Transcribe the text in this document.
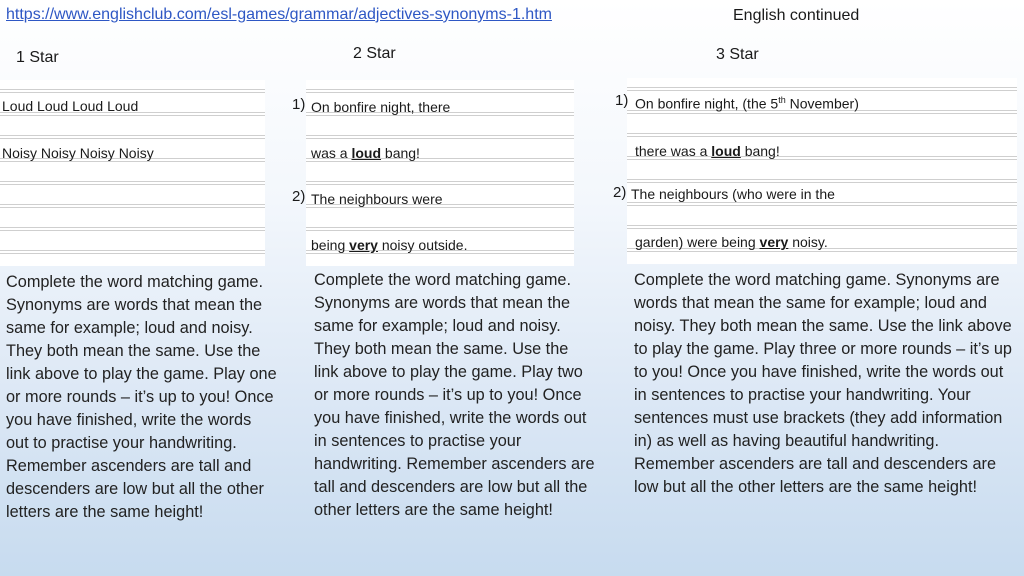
https://www.englishclub.com/esl-games/grammar/adjectives-synonyms-1.htm	English continued
1 Star	2 Star	3 Star
Loud Loud Loud Loud
Noisy Noisy Noisy Noisy
On bonfire night, there
was a loud bang!
The neighbours were
being very noisy outside.
1)
2)
On bonfire night, (the 5th November)
there was a loud bang!
The neighbours (who were in the
garden) were being very noisy.
1)
2)
Complete the word matching game. Synonyms are words that mean the same for example; loud and noisy. They both mean the same. Use the link above to play the game. Play one or more rounds – it’s up to you! Once you have finished, write the words out to practise your handwriting. Remember ascenders are tall and descenders are low but all the other letters are the same height!
Complete the word matching game. Synonyms are words that mean the same for example; loud and noisy. They both mean the same. Use the link above to play the game. Play two or more rounds – it’s up to you! Once you have finished, write the words out in sentences to practise your handwriting. Remember ascenders are tall and descenders are low but all the other letters are the same height!
Complete the word matching game. Synonyms are words that mean the same for example; loud and noisy. They both mean the same. Use the link above to play the game. Play three or more rounds – it’s up to you! Once you have finished, write the words out in sentences to practise your handwriting. Your sentences must use brackets (they add information in) as well as having beautiful handwriting. Remember ascenders are tall and descenders are low but all the other letters are the same height!
